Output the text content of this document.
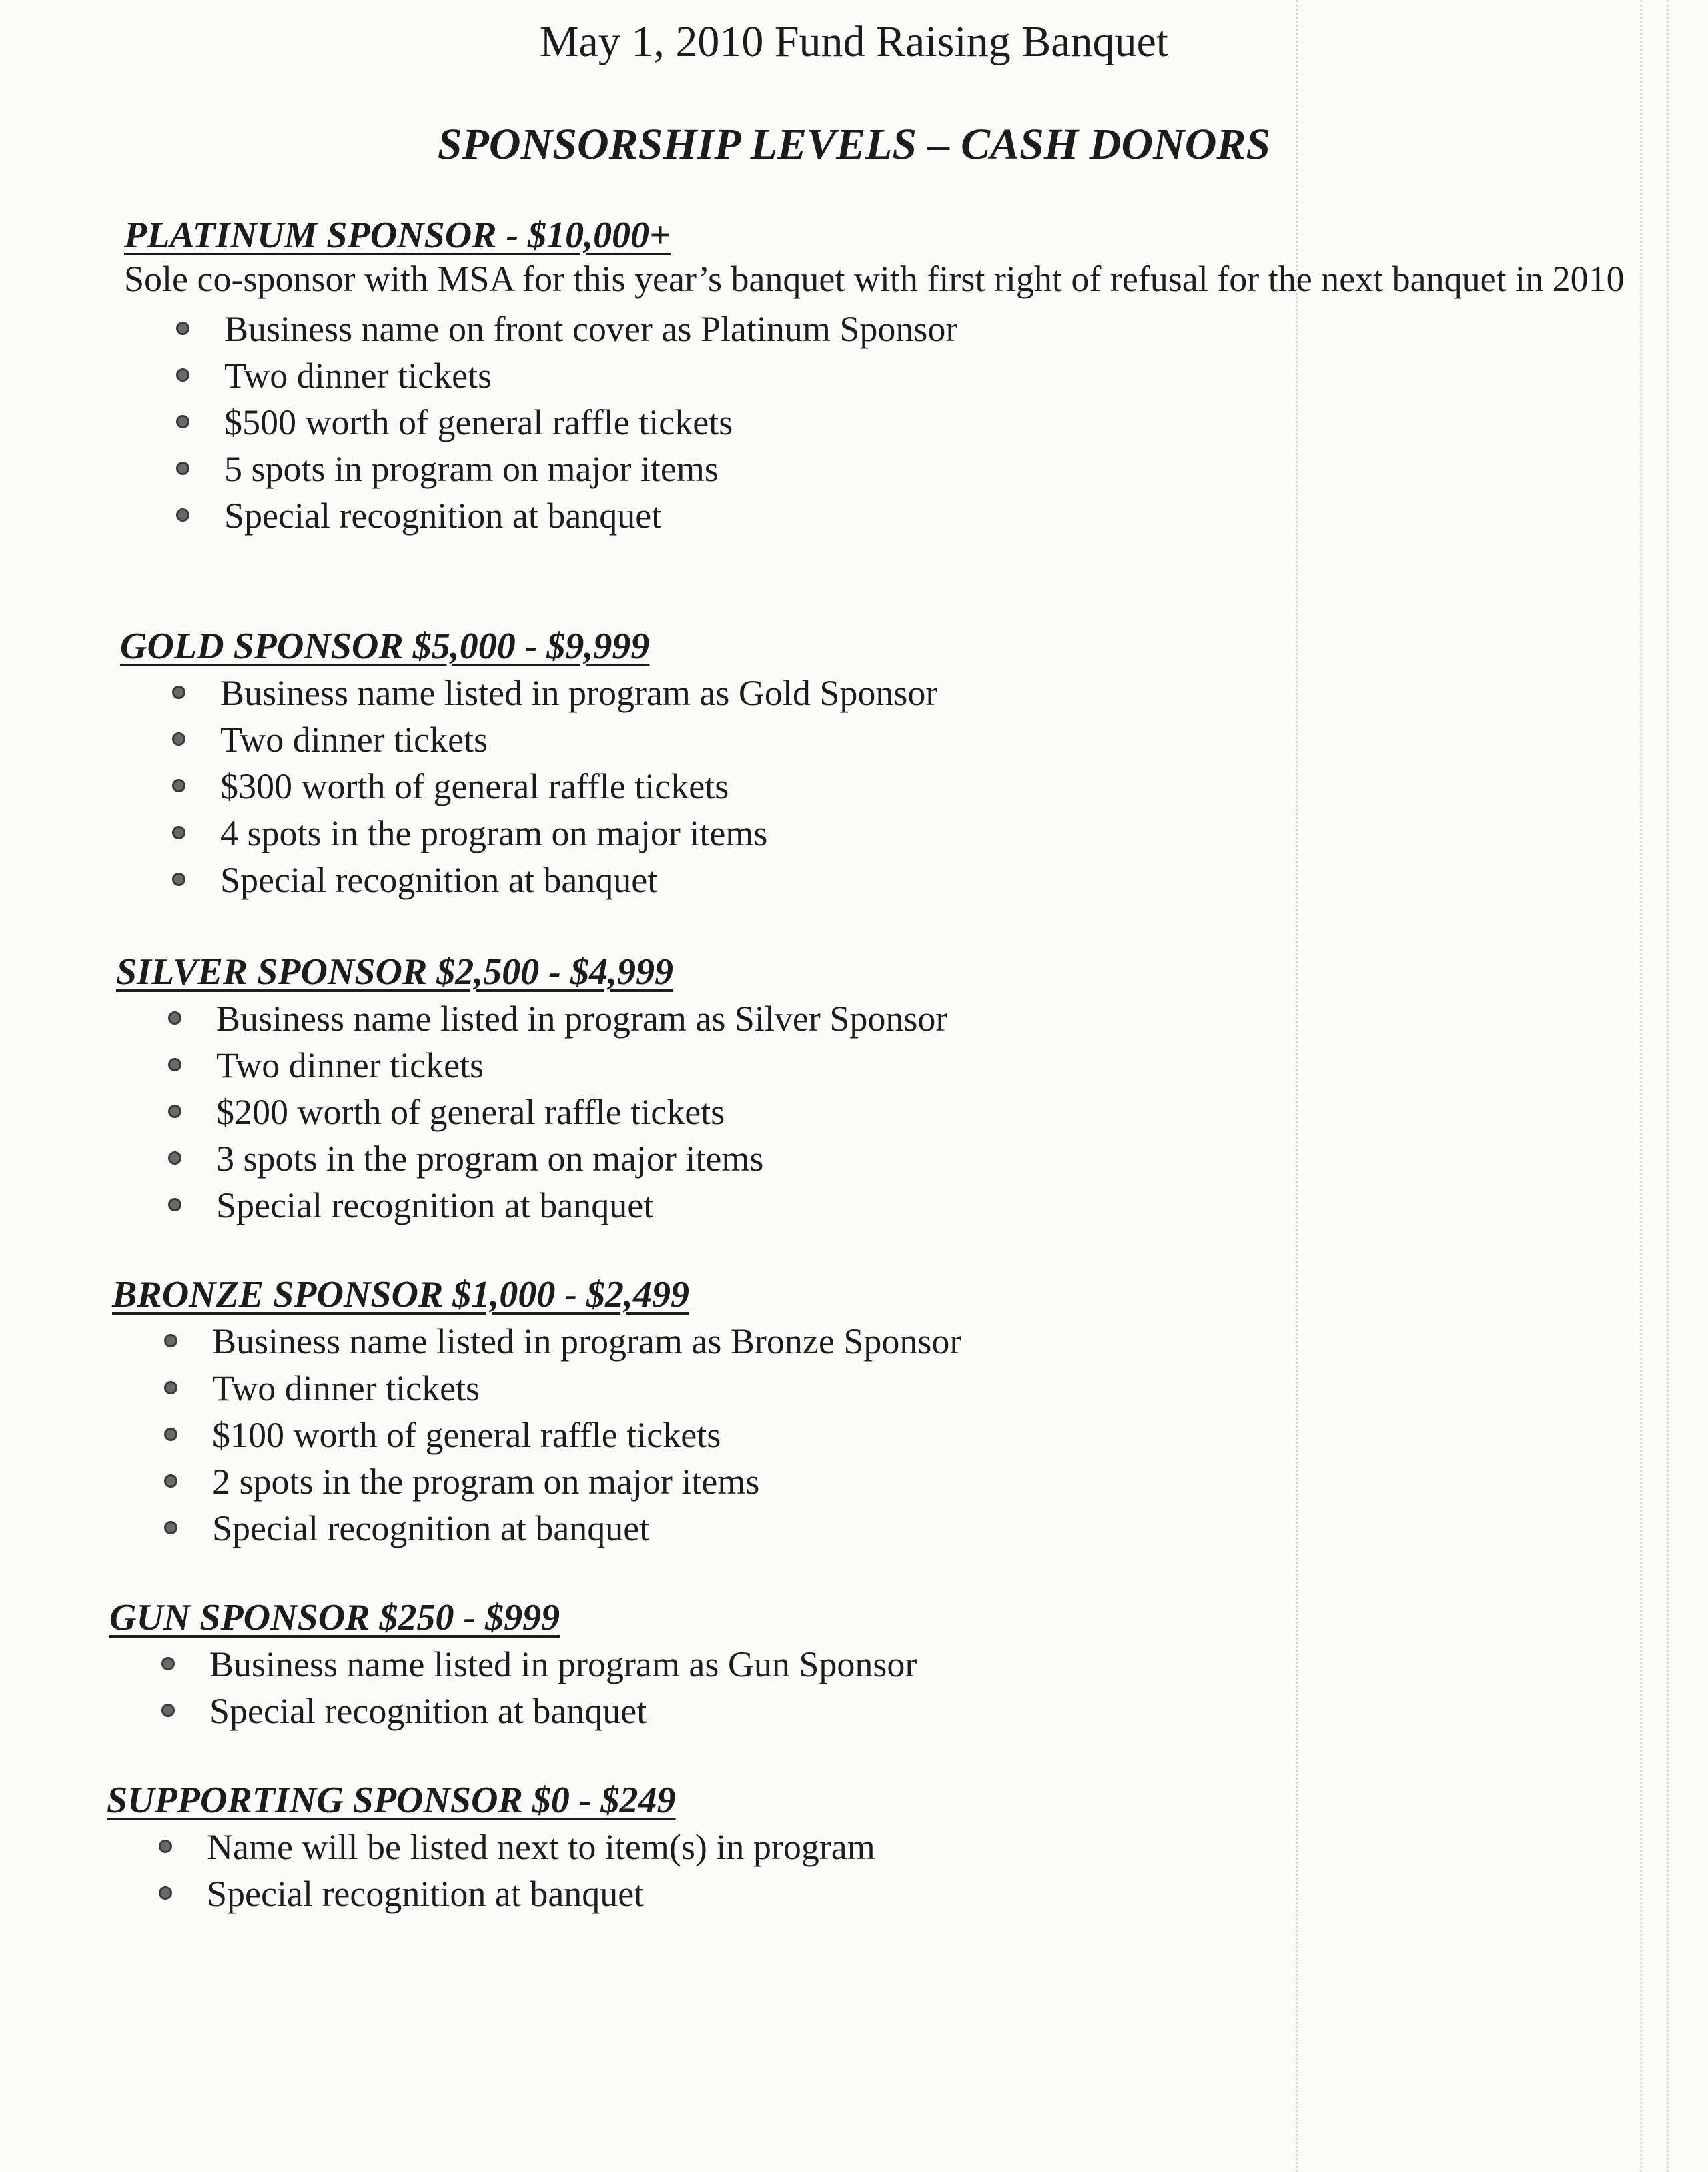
May 1, 2010 Fund Raising Banquet
SPONSORSHIP LEVELS – CASH DONORS
PLATINUM SPONSOR - $10,000+

Sole co-sponsor with MSA for this year’s banquet with first right of refusal for the next banquet in 2010

Business name on front cover as Platinum Sponsor
Two dinner tickets
$500 worth of general raffle tickets
5 spots in program on major items
Special recognition at banquet
GOLD SPONSOR $5,000 - $9,999
Business name listed in program as Gold Sponsor
Two dinner tickets
$300 worth of general raffle tickets
4 spots in the program on major items
Special recognition at banquet
SILVER SPONSOR $2,500 - $4,999
Business name listed in program as Silver Sponsor
Two dinner tickets
$200 worth of general raffle tickets
3 spots in the program on major items
Special recognition at banquet
BRONZE SPONSOR $1,000 - $2,499
Business name listed in program as Bronze Sponsor
Two dinner tickets
$100 worth of general raffle tickets
2 spots in the program on major items
Special recognition at banquet
GUN SPONSOR $250 - $999
Business name listed in program as Gun Sponsor
Special recognition at banquet
SUPPORTING SPONSOR $0 - $249
Name will be listed next to item(s) in program
Special recognition at banquet
